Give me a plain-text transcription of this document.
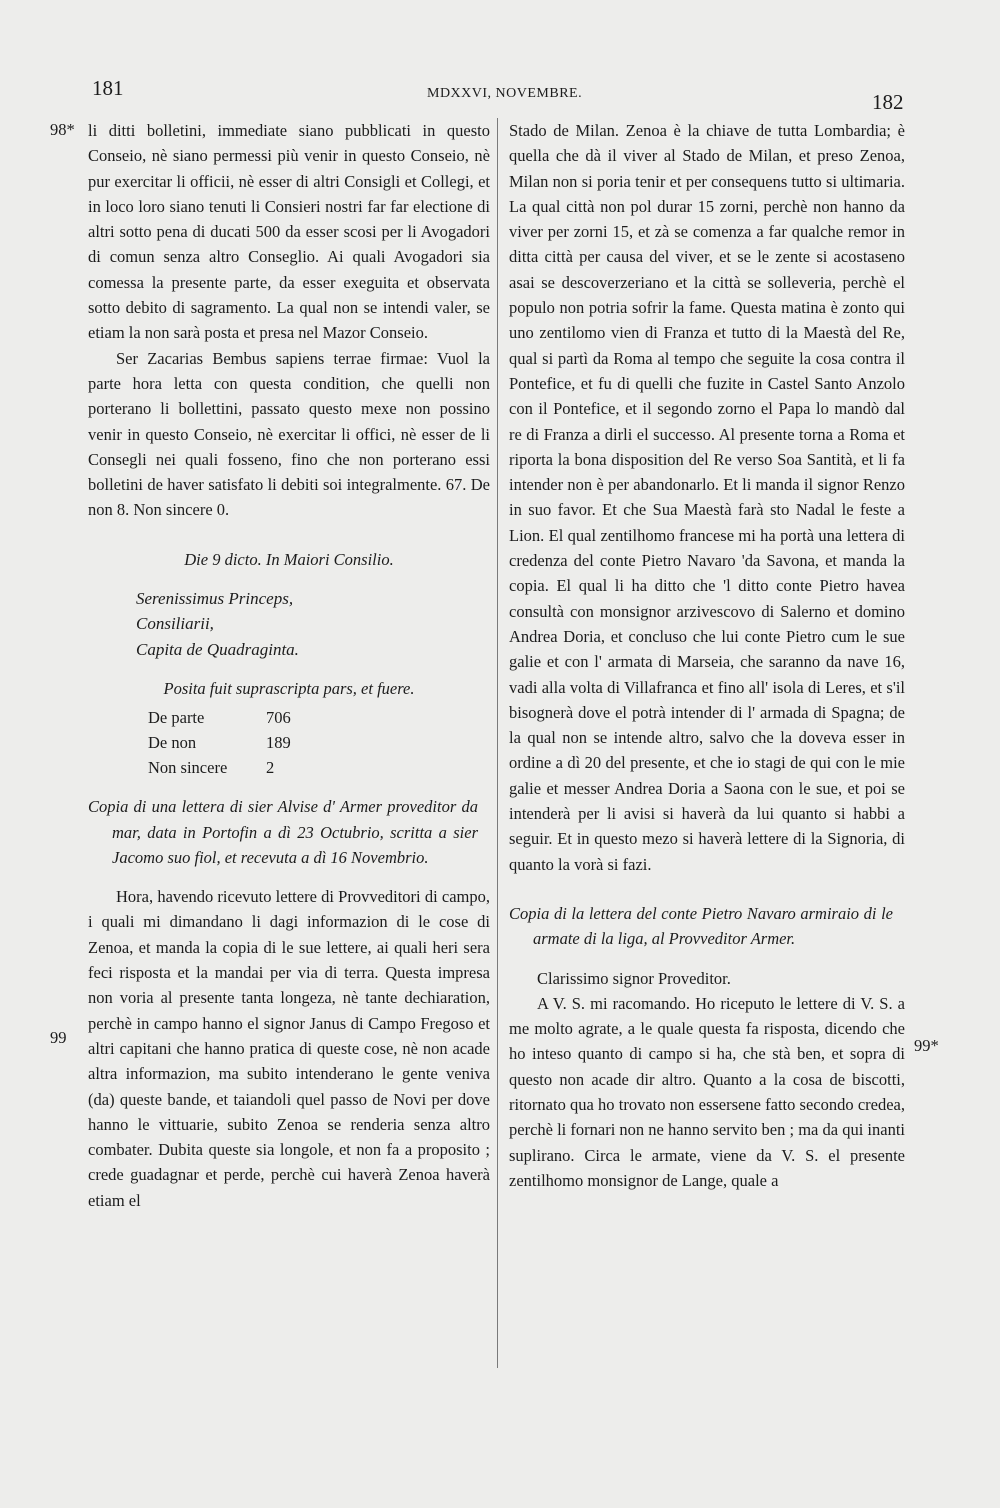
181	MDXXVI, NOVEMBRE.	182
98*
99	99*

li ditti bolletini, immediate siano pubblicati in questo Conseio, nè siano permessi più venir in questo Conseio, nè pur exercitar li officii, nè esser di altri Consigli et Collegi, et in loco loro siano tenuti li Consieri nostri far far electione di altri sotto pena di ducati 500 da esser scosi per li Avogadori di comun senza altro Conseglio. Ai quali Avogadori sia comessa la presente parte, da esser exeguita et observata sotto debito di sagramento. La qual non se intendi valer, se etiam la non sarà posta et presa nel Mazor Conseio.

Ser Zacarias Bembus sapiens terrae firmae: Vuol la parte hora letta con questa condition, che quelli non porterano li bollettini, passato questo mexe non possino venir in questo Conseio, nè exercitar li offici, nè esser de li Consegli nei quali fosseno, fino che non porterano essi bolletini de haver satisfato li debiti soi integralmente. 67. De non 8. Non sincere 0.

Die 9 dicto. In Maiori Consilio.

Serenissimus Princeps,

Consiliarii,

Capita de Quadraginta.

Posita fuit suprascripta pars, et fuere.

De parte	706
De non	189
Non sincere	2

Copia di una lettera di sier Alvise d' Armer proveditor da mar, data in Portofin a dì 23 Octubrio, scritta a sier Jacomo suo fiol, et recevuta a dì 16 Novembrio.

Hora, havendo ricevuto lettere di Provveditori di campo, i quali mi dimandano li dagi informazion di le cose di Zenoa, et manda la copia di le sue lettere, ai quali heri sera feci risposta et la mandai per via di terra. Questa impresa non voria al presente tanta longeza, nè tante dechiaration, perchè in campo hanno el signor Janus di Campo Fregoso et altri capitani che hanno pratica di queste cose, nè non acade altra informazion, ma subito intenderano le gente veniva (da) queste bande, et taiandoli quel passo de Novi per dove hanno le vittuarie, subito Zenoa se renderia senza altro combater. Dubita queste sia longole, et non fa a proposito ; crede guadagnar et perde, perchè cui haverà Zenoa haverà etiam el

Stado de Milan. Zenoa è la chiave de tutta Lombardia; è quella che dà il viver al Stado de Milan, et preso Zenoa, Milan non si poria tenir et per consequens tutto si ultimaria. La qual città non pol durar 15 zorni, perchè non hanno da viver per zorni 15, et zà se comenza a far qualche remor in ditta città per causa del viver, et se le zente si acostaseno asai se descoverzeriano et la città se solleveria, perchè el populo non potria sofrir la fame. Questa matina è zonto qui uno zentilomo vien di Franza et tutto di la Maestà del Re, qual si partì da Roma al tempo che seguite la cosa contra il Pontefice, et fu di quelli che fuzite in Castel Santo Anzolo con il Pontefice, et il segondo zorno el Papa lo mandò dal re di Franza a dirli el successo. Al presente torna a Roma et riporta la bona disposition del Re verso Soa Santità, et li fa intender non è per abandonarlo. Et li manda il signor Renzo in suo favor. Et che Sua Maestà farà sto Nadal le feste a Lion. El qual zentilhomo francese mi ha portà una lettera di credenza del conte Pietro Navaro 'da Savona, et manda la copia. El qual li ha ditto che 'l ditto conte Pietro havea consultà con monsignor arzivescovo di Salerno et domino Andrea Doria, et concluso che lui conte Pietro cum le sue galie et con l' armata di Marseia, che saranno da nave 16, vadi alla volta di Villafranca et fino all' isola di Leres, et s'il bisognerà dove el potrà intender di l' armada di Spagna; de la qual non se intende altro, salvo che la doveva esser in ordine a dì 20 del presente, et che io stagi de qui con le mie galie et messer Andrea Doria a Saona con le sue, et poi se intenderà per li avisi si haverà da lui quanto si habbi a seguir. Et in questo mezo si haverà lettere di la Signoria, di quanto la vorà si fazi.

Copia di la lettera del conte Pietro Navaro armiraio di le armate di la liga, al Provveditor Armer.

Clarissimo signor Proveditor.

A V. S. mi racomando. Ho riceputo le lettere di V. S. a me molto agrate, a le quale questa fa risposta, dicendo che ho inteso quanto di campo si ha, che stà ben, et sopra di questo non acade dir altro. Quanto a la cosa de biscotti, ritornato qua ho trovato non essersene fatto secondo credea, perchè li fornari non ne hanno servito ben ; ma da qui inanti suplirano. Circa le armate, viene da V. S. el presente zentilhomo monsignor de Lange, quale a
